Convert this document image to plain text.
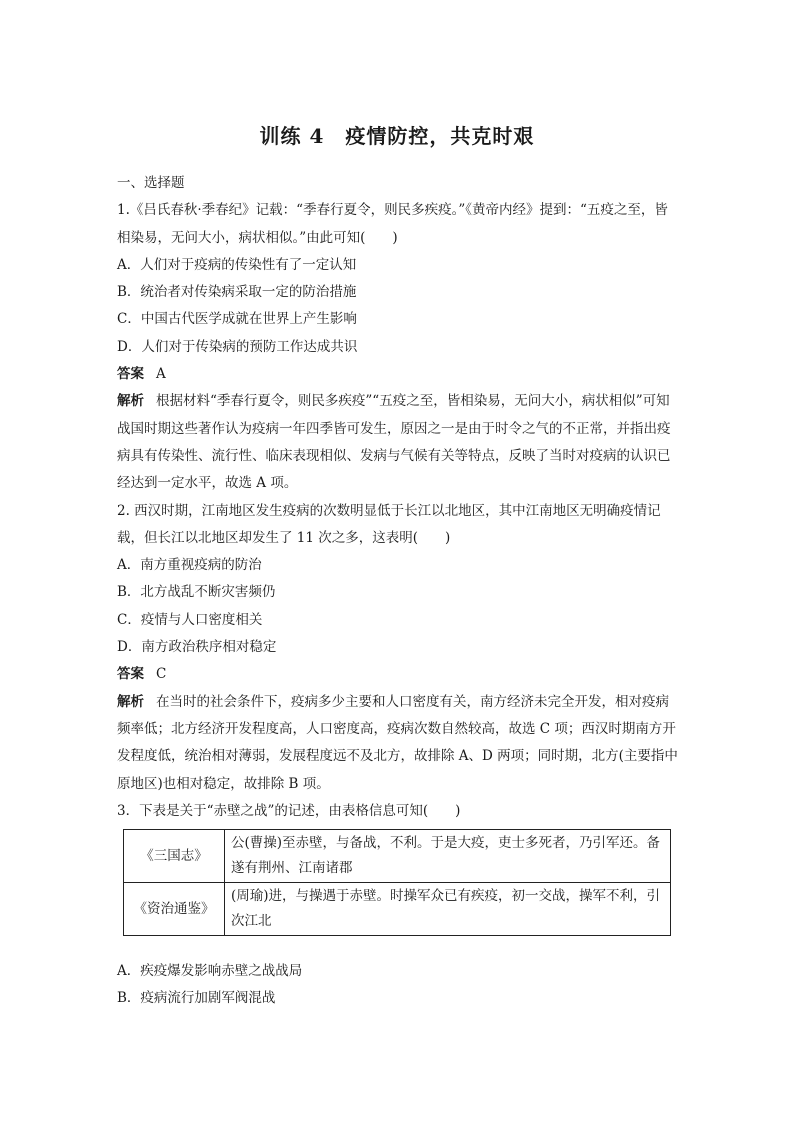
训练 4　疫情防控，共克时艰

一、选择题

1.《吕氏春秋·季春纪》记载：“季春行夏令，则民多疾疫。”《黄帝内经》提到：“五疫之至，皆相染易，无问大小，病状相似。”由此可知(　　)

A．人们对于疫病的传染性有了一定认知

B．统治者对传染病采取一定的防治措施

C．中国古代医学成就在世界上产生影响

D．人们对于传染病的预防工作达成共识

答案 A

解析 根据材料“季春行夏令，则民多疾疫”“五疫之至，皆相染易，无问大小，病状相似”可知战国时期这些著作认为疫病一年四季皆可发生，原因之一是由于时令之气的不正常，并指出疫病具有传染性、流行性、临床表现相似、发病与气候有关等特点，反映了当时对疫病的认识已经达到一定水平，故选 A 项。

2. 西汉时期，江南地区发生疫病的次数明显低于长江以北地区，其中江南地区无明确疫情记载，但长江以北地区却发生了 11 次之多，这表明(　　)

A．南方重视疫病的防治

B．北方战乱不断灾害频仍

C．疫情与人口密度相关

D．南方政治秩序相对稳定

答案 C

解析 在当时的社会条件下，疫病多少主要和人口密度有关，南方经济未完全开发，相对疫病频率低；北方经济开发程度高，人口密度高，疫病次数自然较高，故选 C 项；西汉时期南方开发程度低，统治相对薄弱，发展程度远不及北方，故排除 A、D 两项；同时期，北方(主要指中原地区)也相对稳定，故排除 B 项。

3．下表是关于“赤壁之战”的记述，由表格信息可知(　　)

《三国志》	公(曹操)至赤壁，与备战，不利。于是大疫，吏士多死者，乃引军还。备遂有荆州、江南诸郡
《资治通鉴》	(周瑜)进，与操遇于赤壁。时操军众已有疾疫，初一交战，操军不利，引次江北

A．疾疫爆发影响赤壁之战战局

B．疫病流行加剧军阀混战
